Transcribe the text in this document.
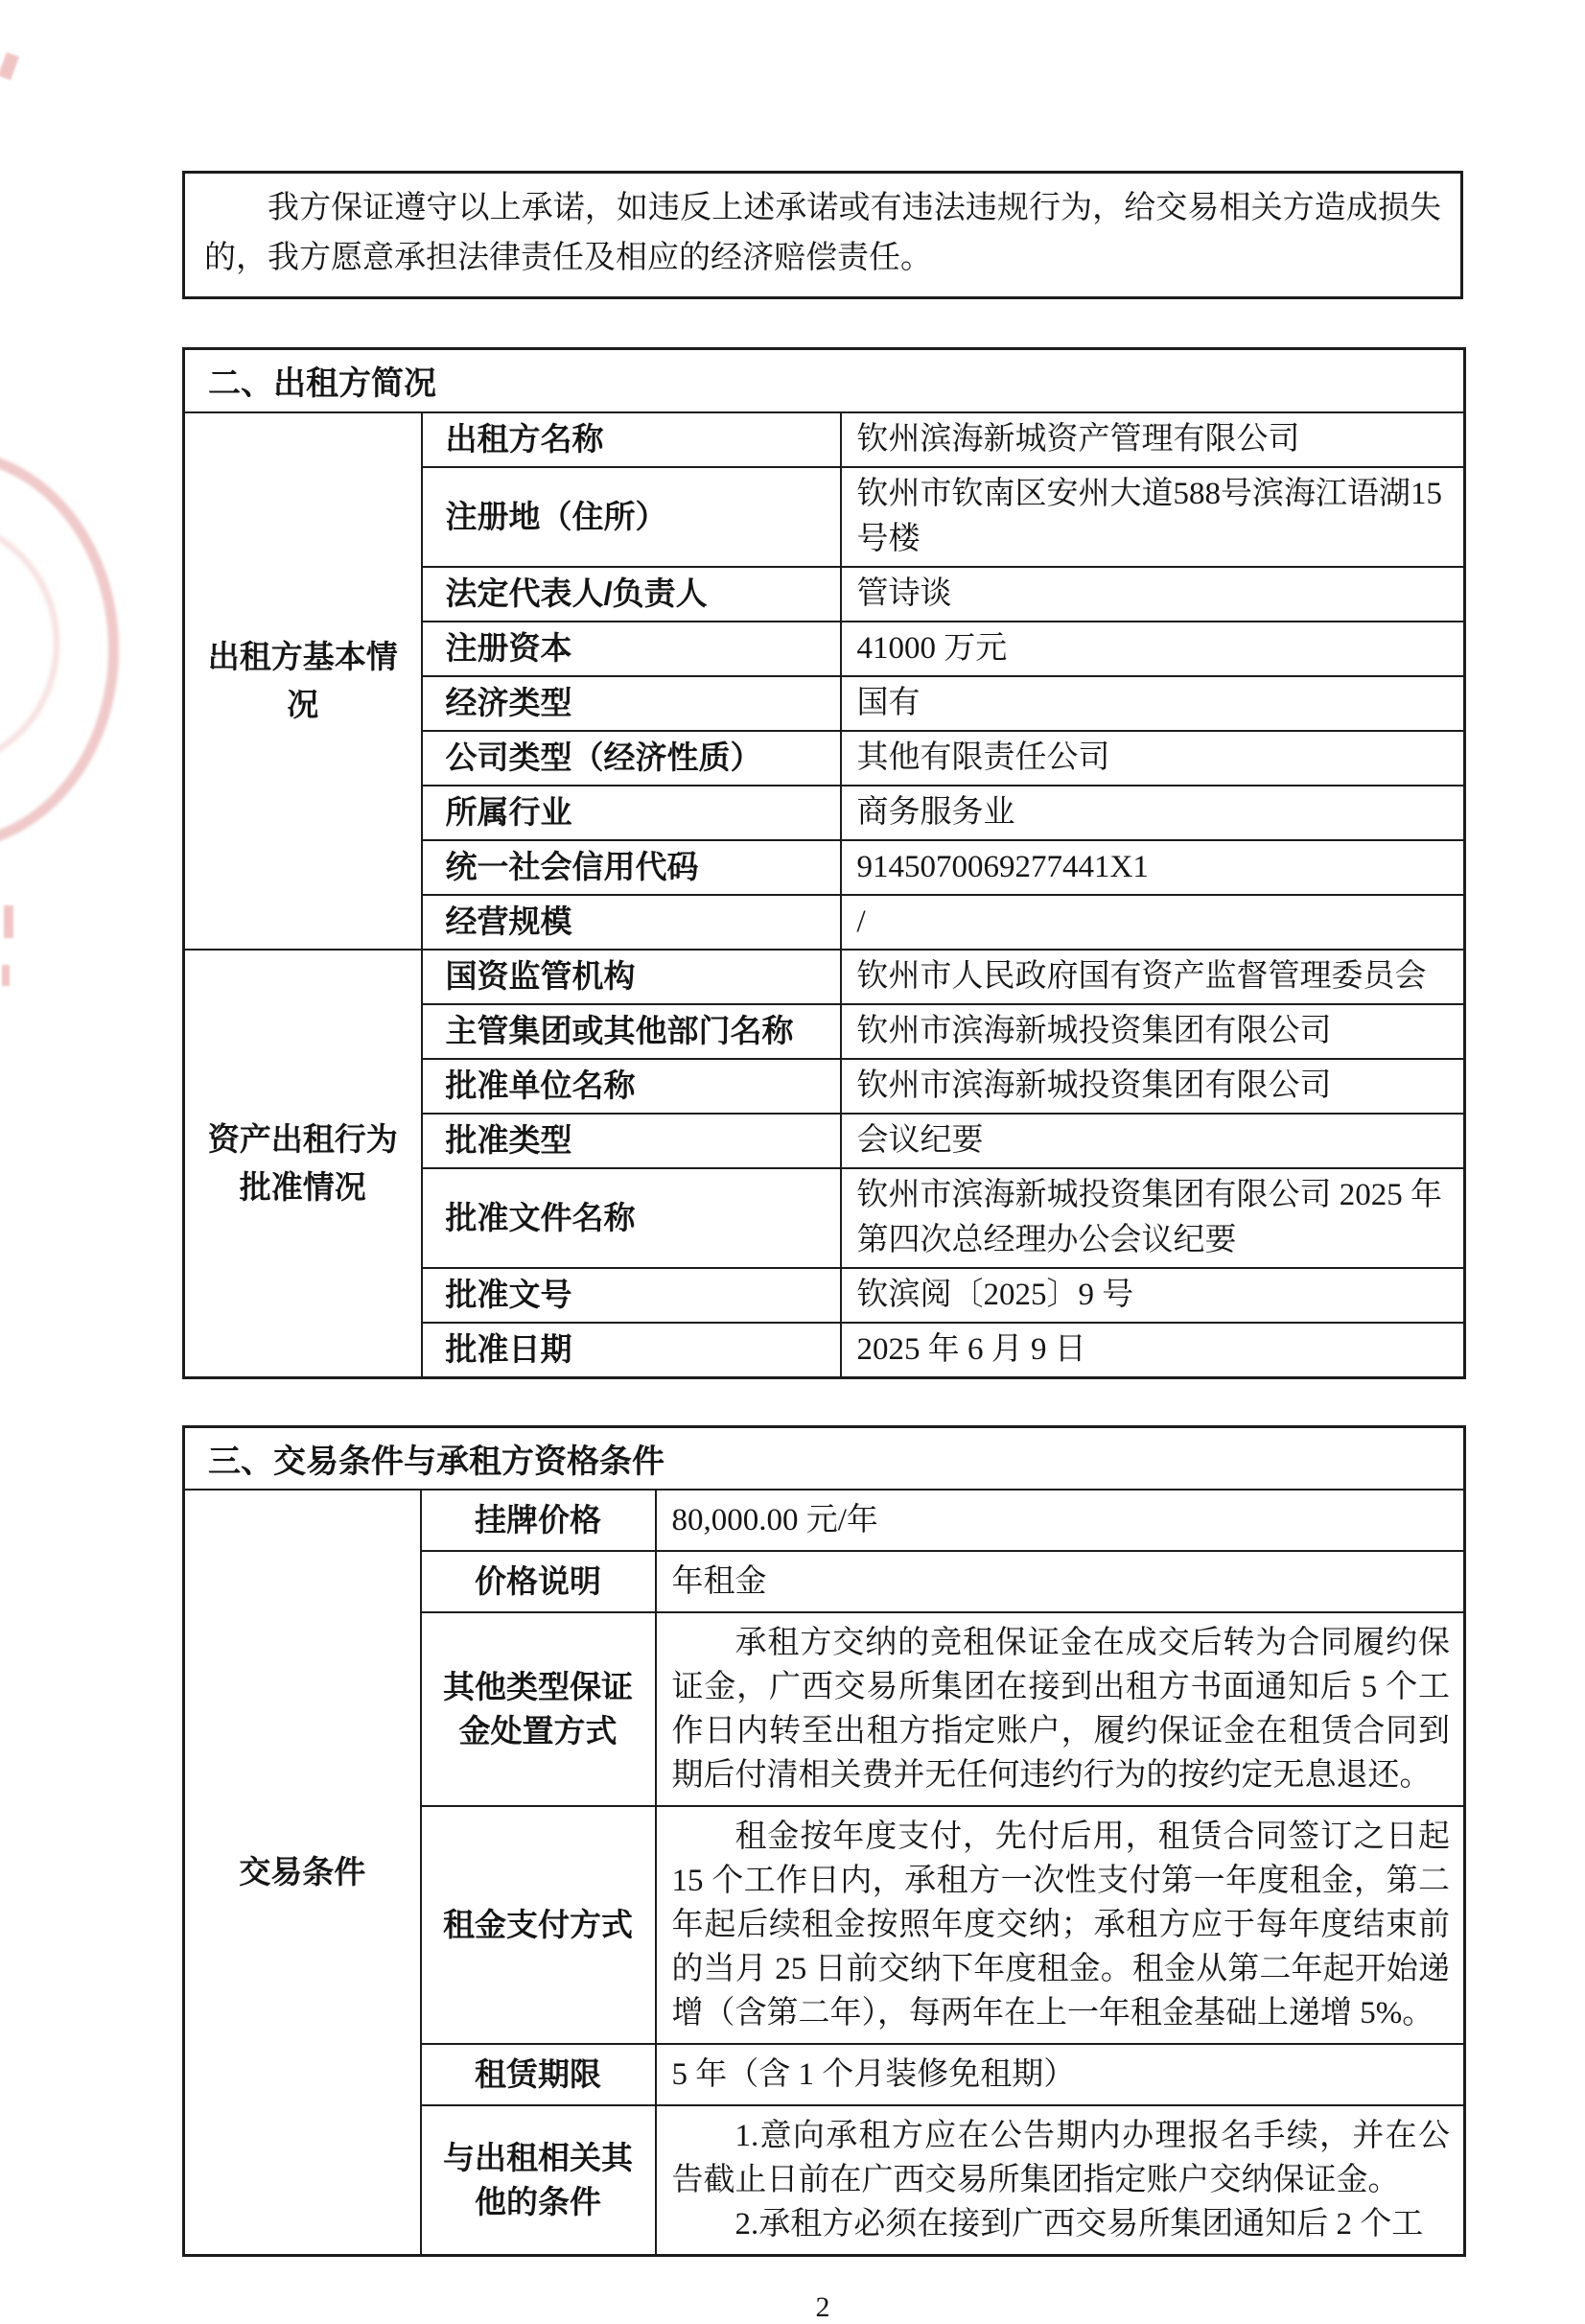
我方保证遵守以上承诺，如违反上述承诺或有违法违规行为，给交易相关方造成损失的，我方愿意承担法律责任及相应的经济赔偿责任。

二、出租方简况		
出租方基本情况	出租方名称	钦州滨海新城资产管理有限公司
	注册地（住所）	钦州市钦南区安州大道588号滨海江语湖15号楼
	法定代表人/负责人	管诗谈
	注册资本	41000 万元
	经济类型	国有
	公司类型（经济性质）	其他有限责任公司
	所属行业	商务服务业
	统一社会信用代码	9145070069277441X1
	经营规模	/
资产出租行为批准情况	国资监管机构	钦州市人民政府国有资产监督管理委员会
	主管集团或其他部门名称	钦州市滨海新城投资集团有限公司
	批准单位名称	钦州市滨海新城投资集团有限公司
	批准类型	会议纪要
	批准文件名称	钦州市滨海新城投资集团有限公司 2025 年第四次总经理办公会议纪要
	批准文号	钦滨阅〔2025〕9 号
	批准日期	2025 年 6 月 9 日
三、交易条件与承租方资格条件		
交易条件	挂牌价格	80,000.00 元/年
	价格说明	年租金
	其他类型保证金处置方式	承租方交纳的竞租保证金在成交后转为合同履约保证金，广西交易所集团在接到出租方书面通知后 5 个工作日内转至出租方指定账户，履约保证金在租赁合同到期后付清相关费并无任何违约行为的按约定无息退还。

	租金支付方式	租金按年度支付，先付后用，租赁合同签订之日起 15 个工作日内，承租方一次性支付第一年度租金，第二年起后续租金按照年度交纳；承租方应于每年度结束前的当月 25 日前交纳下年度租金。租金从第二年起开始递增（含第二年），每两年在上一年租金基础上递增 5%。

	租赁期限	5 年（含 1 个月装修免租期）
	与出租相关其他的条件	1.意向承租方应在公告期内办理报名手续，并在公告截止日前在广西交易所集团指定账户交纳保证金。

2.承租方必须在接到广西交易所集团通知后 2 个工

2
